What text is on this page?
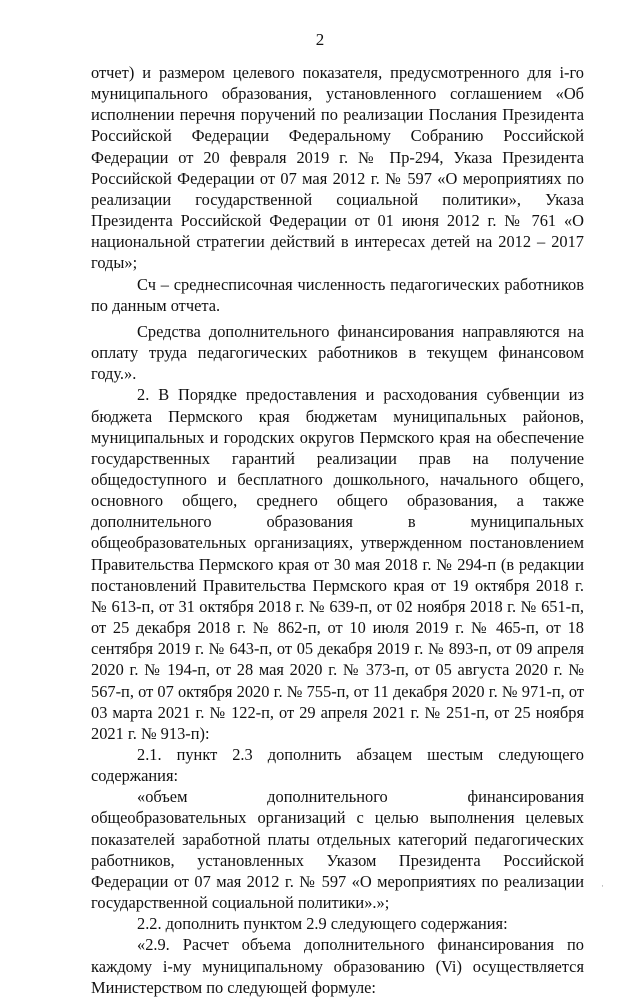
2

отчет) и размером целевого показателя, предусмотренного для i-го муниципального образования, установленного соглашением «Об исполнении перечня поручений по реализации Послания Президента Российской Федерации Федеральному Собранию Российской Федерации от 20 февраля 2019 г. № Пр-294, Указа Президента Российской Федерации от 07 мая 2012 г. № 597 «О мероприятиях по реализации государственной социальной политики», Указа Президента Российской Федерации от 01 июня 2012 г. № 761 «О национальной стратегии действий в интересах детей на 2012 – 2017 годы»;

Сч – среднесписочная численность педагогических работников по данным отчета.

Средства дополнительного финансирования направляются на оплату труда педагогических работников в текущем финансовом году.».

2. В Порядке предоставления и расходования субвенции из бюджета Пермского края бюджетам муниципальных районов, муниципальных и городских округов Пермского края на обеспечение государственных гарантий реализации прав на получение общедоступного и бесплатного дошкольного, начального общего, основного общего, среднего общего образования, а также дополнительного образования в муниципальных общеобразовательных организациях, утвержденном постановлением Правительства Пермского края от 30 мая 2018 г. № 294-п (в редакции постановлений Правительства Пермского края от 19 октября 2018 г. № 613-п, от 31 октября 2018 г. № 639-п, от 02 ноября 2018 г. № 651-п, от 25 декабря 2018 г. № 862-п, от 10 июля 2019 г. № 465-п, от 18 сентября 2019 г. № 643-п, от 05 декабря 2019 г. № 893-п, от 09 апреля 2020 г. № 194-п, от 28 мая 2020 г. № 373-п, от 05 августа 2020 г. № 567-п, от 07 октября 2020 г. № 755-п, от 11 декабря 2020 г. № 971-п, от 03 марта 2021 г. № 122-п, от 29 апреля 2021 г. № 251-п, от 25 ноября 2021 г. № 913-п):

2.1. пункт 2.3 дополнить абзацем шестым следующего содержания:

«объем дополнительного финансирования общеобразовательных организаций с целью выполнения целевых показателей заработной платы отдельных категорий педагогических работников, установленных Указом Президента Российской Федерации от 07 мая 2012 г. № 597 «О мероприятиях по реализации государственной социальной политики».»;

2.2. дополнить пунктом 2.9 следующего содержания:

«2.9. Расчет объема дополнительного финансирования по каждому i-му муниципальному образованию (Vi) осуществляется Министерством по следующей формуле:

·
